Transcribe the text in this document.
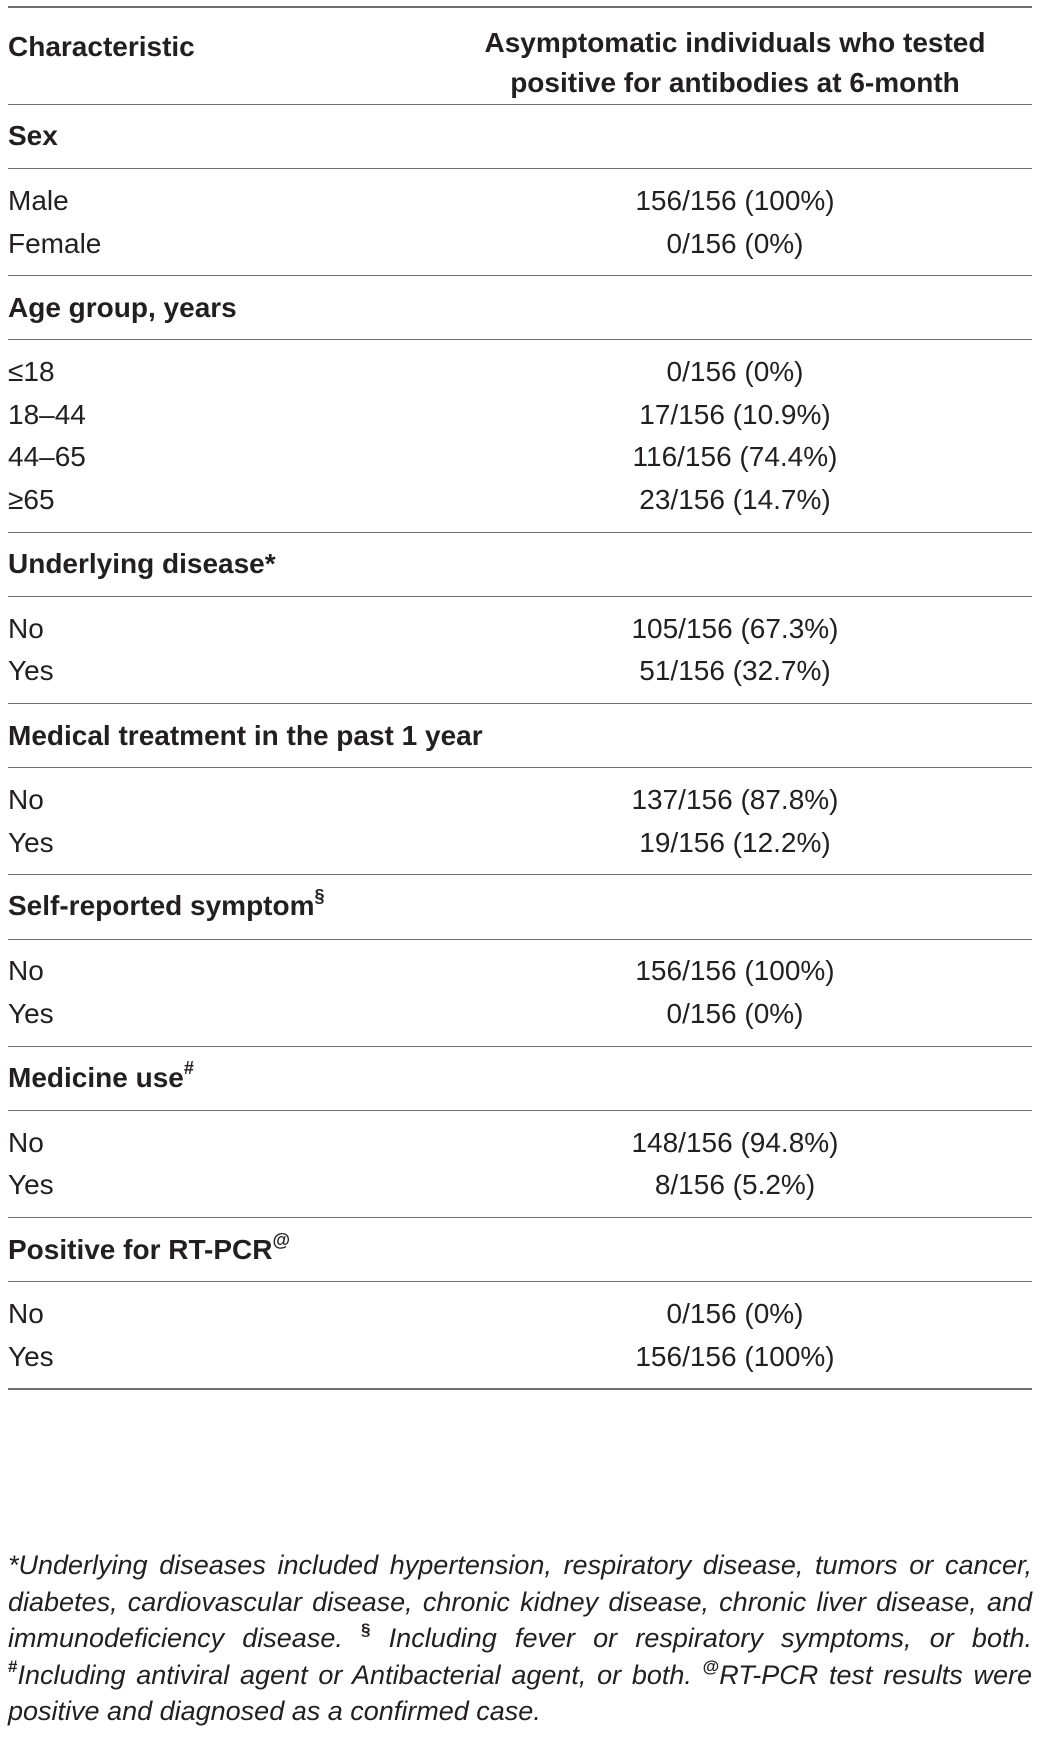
Characteristic	Asymptomatic individuals who tested
positive for antibodies at 6-month
Sex
Male	156/156 (100%)
Female	0/156 (0%)
Age group, years
≤18	0/156 (0%)
18–44	17/156 (10.9%)
44–65	116/156 (74.4%)
≥65	23/156 (14.7%)
Underlying disease*
No	105/156 (67.3%)
Yes	51/156 (32.7%)
Medical treatment in the past 1 year
No	137/156 (87.8%)
Yes	19/156 (12.2%)
Self-reported symptom§
No	156/156 (100%)
Yes	0/156 (0%)
Medicine use#
No	148/156 (94.8%)
Yes	8/156 (5.2%)
Positive for RT-PCR@
No	0/156 (0%)
Yes	156/156 (100%)
*Underlying diseases included hypertension, respiratory disease, tumors or cancer, diabetes, cardiovascular disease, chronic kidney disease, chronic liver disease, and immunodeficiency disease. § Including fever or respiratory symptoms, or both. #Including antiviral agent or Antibacterial agent, or both. @RT-PCR test results were positive and diagnosed as a confirmed case.
